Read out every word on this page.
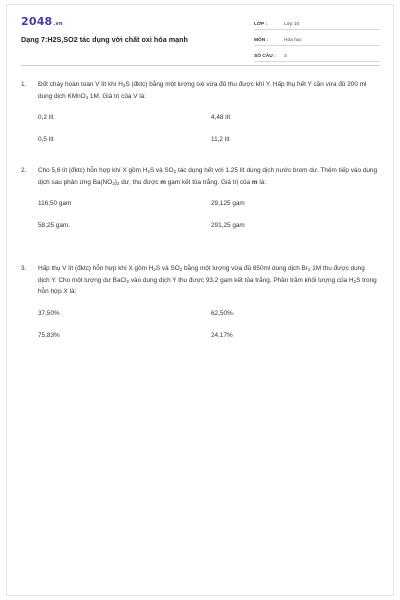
2048.vn
Dạng 7:H2S,SO2 tác dụng với chất oxi hóa mạnh
LỚP :	Lớp 10
MÔN :	Hóa học
SỐ CÂU :	3
1. Đốt cháy hoàn toàn V lít khí $H_2S$ (đktc) bằng một lượng oxi vừa đủ thu được khí Y. Hấp thụ hết Y cần vừa đủ 200 ml dung dịch KMnO$_4$ 1M. Giá trị của V là:
0,2 lít	4,48 lít
0,5 lít	11,2 lít
2. Cho 5,6 lít (đktc) hỗn hợp khí X gồm $H_2S$ và $SO_2$ tác dụng hết với 1,25 lít dung dịch nước brom dư. Thêm tiếp vào dung dịch sau phản ứng $Ba(NO_3)_2$ dư, thu được m gam kết tủa trắng. Giá trị của m là:
116,50 gam	29,125 gam
58,25 gam.	291,25 gam
3. Hấp thụ V lít (đktc) hỗn hợp khí X gồm $H_2S$ và $SO_2$ bằng một lượng vừa đủ 850ml dung dịch $Br_2$ 1M thu được dung dịch Y. Cho một lượng dư BaCl$_2$ vào dung dịch Y thu được 93,2 gam kết tủa trắng. Phần trăm khối lượng của $H_2S$ trong hỗn hợp X là:
37,50%	62,50%.
75,83%	24,17%
